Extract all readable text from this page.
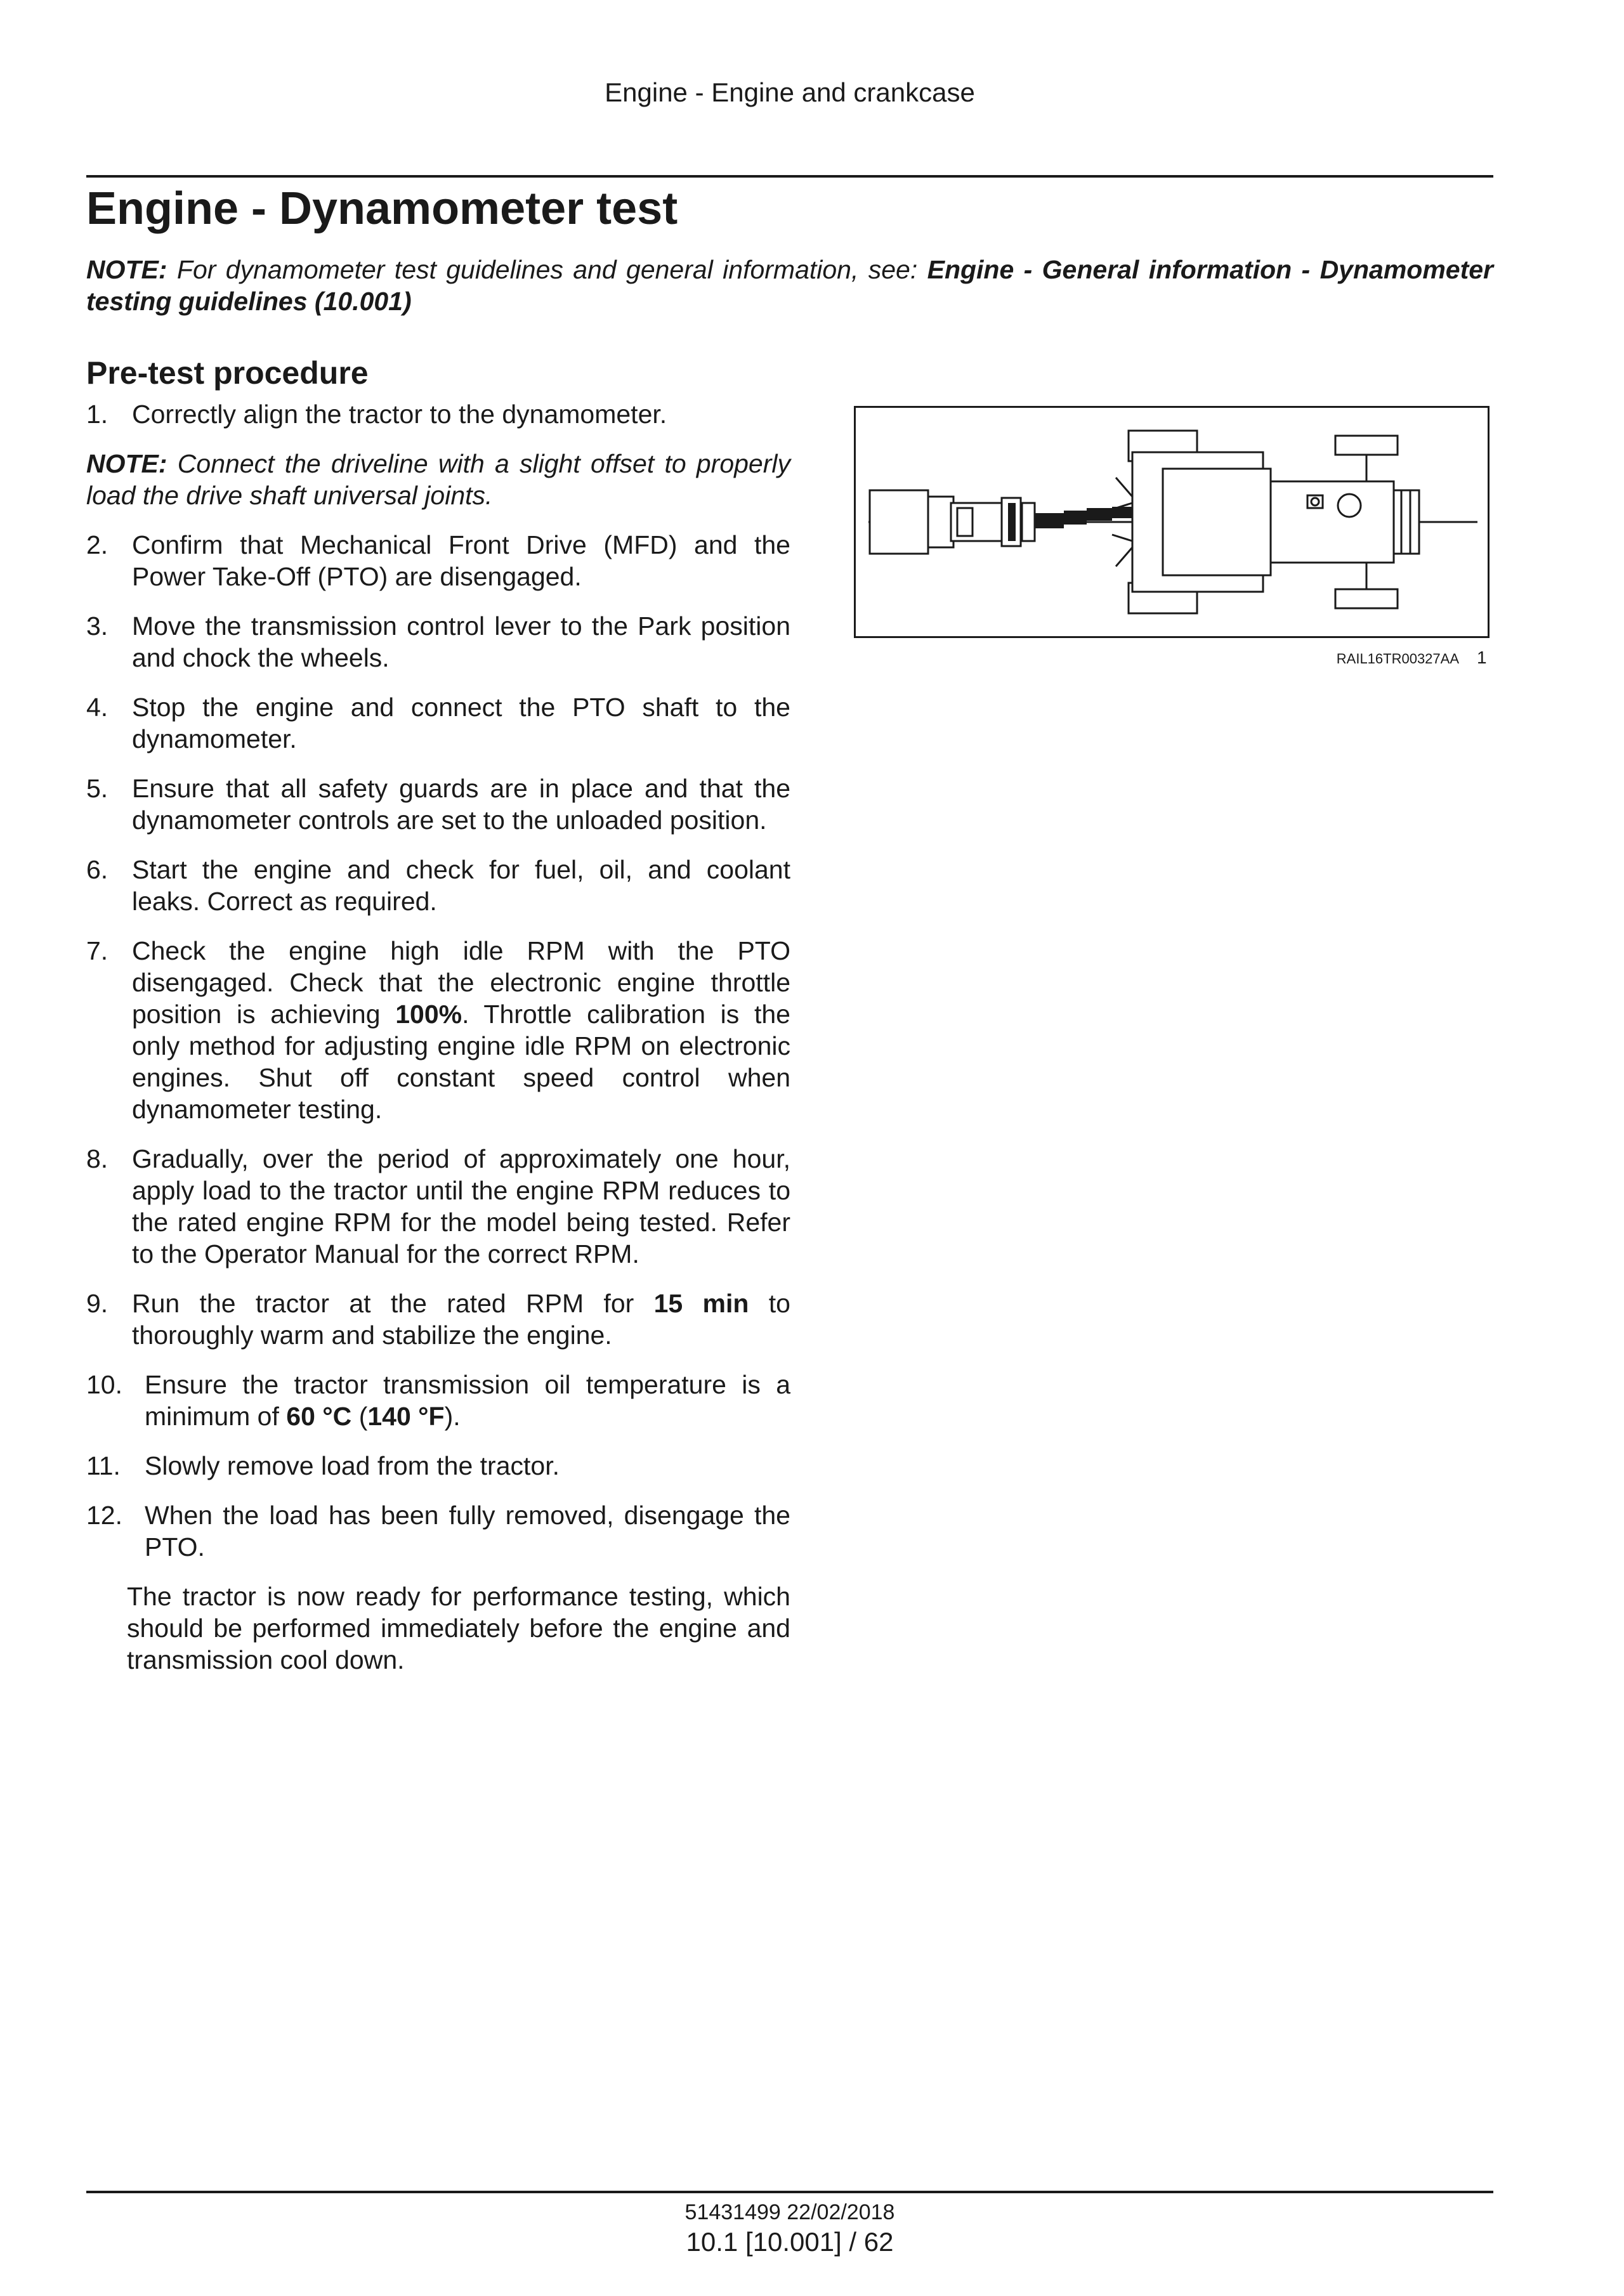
Engine - Engine and crankcase
Engine - Dynamometer test

NOTE: For dynamometer test guidelines and general information, see: Engine - General information - Dynamometer testing guidelines (10.001)

Pre-test procedure
1. Correctly align the tractor to the dynamometer.

NOTE: Connect the driveline with a slight offset to properly load the drive shaft universal joints.

2. Confirm that Mechanical Front Drive (MFD) and the Power Take-Off (PTO) are disengaged.
3. Move the transmission control lever to the Park position and chock the wheels.
4. Stop the engine and connect the PTO shaft to the dynamometer.
5. Ensure that all safety guards are in place and that the dynamometer controls are set to the unloaded position.
6. Start the engine and check for fuel, oil, and coolant leaks. Correct as required.
7. Check the engine high idle RPM with the PTO disengaged. Check that the electronic engine throttle position is achieving 100%. Throttle calibration is the only method for adjusting engine idle RPM on electronic engines. Shut off constant speed control when dynamometer testing.
8. Gradually, over the period of approximately one hour, apply load to the tractor until the engine RPM reduces to the rated engine RPM for the model being tested. Refer to the Operator Manual for the correct RPM.
9. Run the tractor at the rated RPM for 15 min to thoroughly warm and stabilize the engine.
10. Ensure the tractor transmission oil temperature is a minimum of 60 °C (140 °F).
11. Slowly remove load from the tractor.
12. When the load has been fully removed, disengage the PTO.

The tractor is now ready for performance testing, which should be performed immediately before the engine and transmission cool down.

RAIL16TR00327AA 1
51431499 22/02/2018
10.1 [10.001] / 62
